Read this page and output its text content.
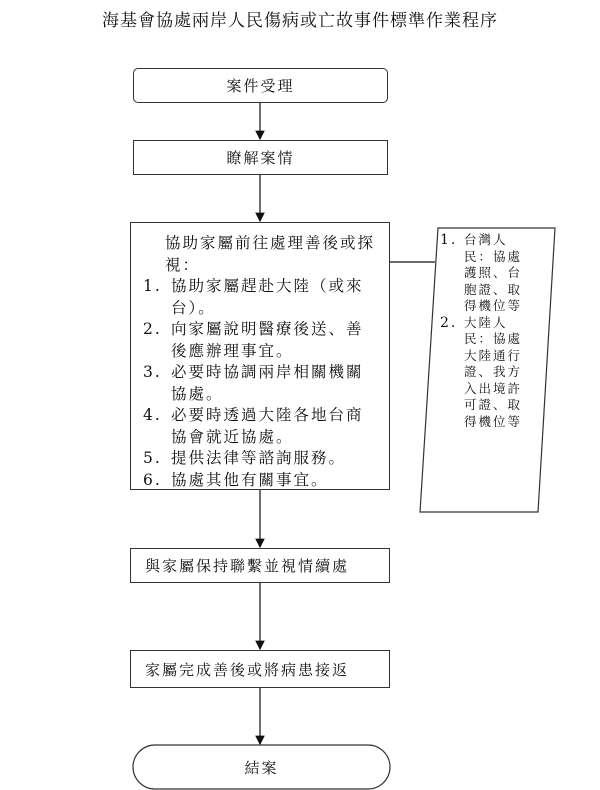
海基會協處兩岸人民傷病或亡故事件標準作業程序
案件受理
瞭解案情
協助家屬前往處理善後或探視：
1. 協助家屬趕赴大陸（或來台）。
2. 向家屬說明醫療後送、善後應辦理事宜。
3. 必要時協調兩岸相關機關協處。
4. 必要時透過大陸各地台商協會就近協處。
5. 提供法律等諮詢服務。
6. 協處其他有關事宜。
1. 台灣人民：協處護照、台胞證、取得機位等
2. 大陸人民：協處大陸通行證、我方入出境許可證、取得機位等
與家屬保持聯繫並視情續處
家屬完成善後或將病患接返
結案
